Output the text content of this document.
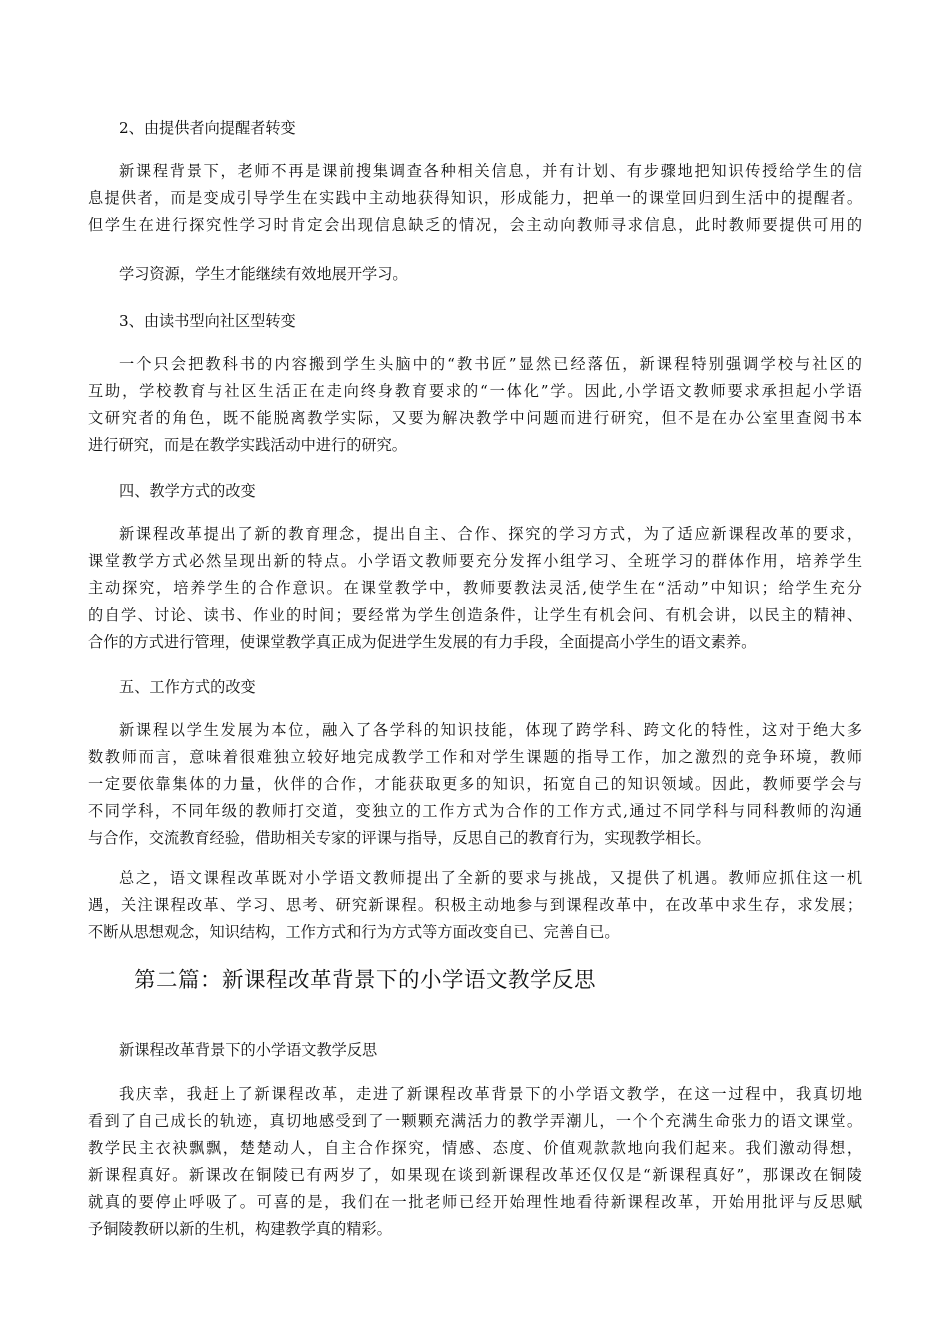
2、由提供者向提醒者转变
新课程背景下，老师不再是课前搜集调查各种相关信息，并有计划、有步骤地把知识传授给学生的信
息提供者，而是变成引导学生在实践中主动地获得知识，形成能力，把单一的课堂回归到生活中的提醒者。
但学生在进行探究性学习时肯定会出现信息缺乏的情况，会主动向教师寻求信息，此时教师要提供可用的
学习资源，学生才能继续有效地展开学习。
3、由读书型向社区型转变
一个只会把教科书的内容搬到学生头脑中的“教书匠”显然已经落伍，新课程特别强调学校与社区的
互助，学校教育与社区生活正在走向终身教育要求的“一体化”学。因此,小学语文教师要求承担起小学语
文研究者的角色，既不能脱离教学实际，又要为解决教学中问题而进行研究，但不是在办公室里查阅书本
进行研究，而是在教学实践活动中进行的研究。
四、教学方式的改变
新课程改革提出了新的教育理念，提出自主、合作、探究的学习方式，为了适应新课程改革的要求，
课堂教学方式必然呈现出新的特点。小学语文教师要充分发挥小组学习、全班学习的群体作用，培养学生
主动探究，培养学生的合作意识。在课堂教学中，教师要教法灵活,使学生在“活动”中知识；给学生充分
的自学、讨论、读书、作业的时间；要经常为学生创造条件，让学生有机会问、有机会讲，以民主的精神、
合作的方式进行管理，使课堂教学真正成为促进学生发展的有力手段，全面提高小学生的语文素养。
五、工作方式的改变
新课程以学生发展为本位，融入了各学科的知识技能，体现了跨学科、跨文化的特性，这对于绝大多
数教师而言，意味着很难独立较好地完成教学工作和对学生课题的指导工作，加之激烈的竞争环境，教师
一定要依靠集体的力量，伙伴的合作，才能获取更多的知识，拓宽自己的知识领域。因此，教师要学会与
不同学科，不同年级的教师打交道，变独立的工作方式为合作的工作方式,通过不同学科与同科教师的沟通
与合作，交流教育经验，借助相关专家的评课与指导，反思自己的教育行为，实现教学相长。
总之，语文课程改革既对小学语文教师提出了全新的要求与挑战，又提供了机遇。教师应抓住这一机
遇，关注课程改革、学习、思考、研究新课程。积极主动地参与到课程改革中，在改革中求生存，求发展；
不断从思想观念，知识结构，工作方式和行为方式等方面改变自已、完善自已。
第二篇：新课程改革背景下的小学语文教学反思
新课程改革背景下的小学语文教学反思
我庆幸，我赶上了新课程改革，走进了新课程改革背景下的小学语文教学，在这一过程中，我真切地
看到了自己成长的轨迹，真切地感受到了一颗颗充满活力的教学弄潮儿，一个个充满生命张力的语文课堂。
教学民主衣袂飘飘，楚楚动人，自主合作探究，情感、态度、价值观款款地向我们起来。我们激动得想，
新课程真好。新课改在铜陵已有两岁了，如果现在谈到新课程改革还仅仅是“新课程真好”，那课改在铜陵
就真的要停止呼吸了。可喜的是，我们在一批老师已经开始理性地看待新课程改革，开始用批评与反思赋
予铜陵教研以新的生机，构建教学真的精彩。
